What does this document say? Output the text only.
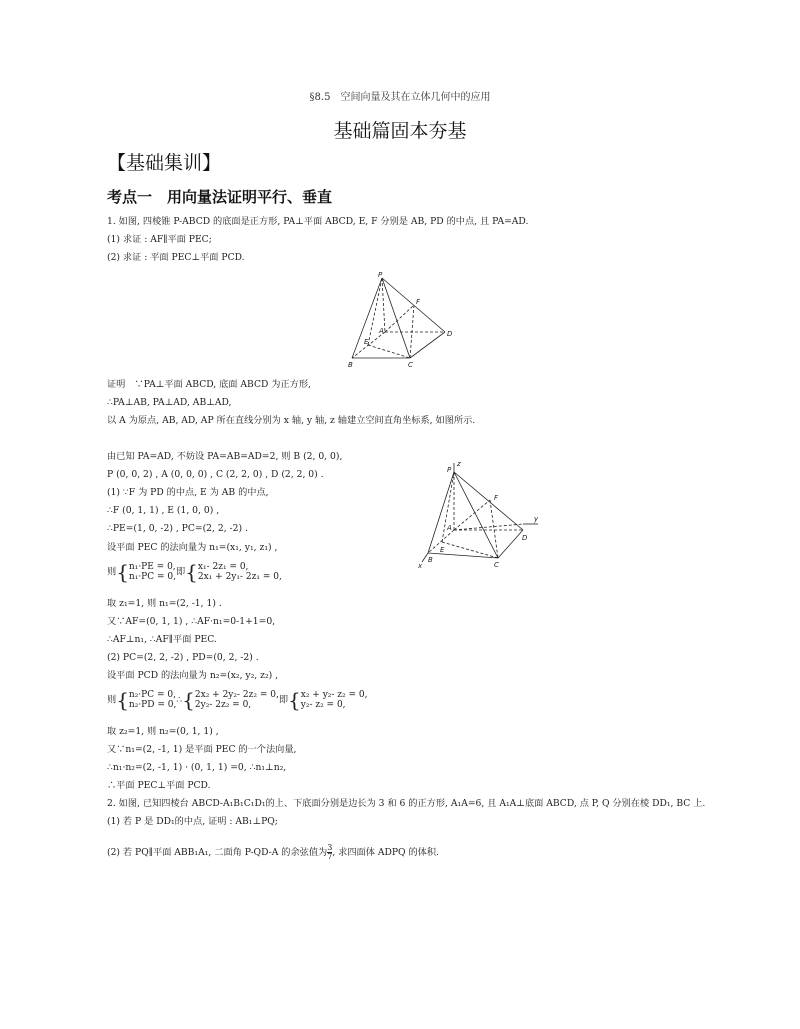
§8.5　空间向量及其在立体几何中的应用
基础篇固本夯基
【基础集训】
考点一　用向量法证明平行、垂直
1. 如图, 四棱锥 P-ABCD 的底面是正方形, PA⊥平面 ABCD, E, F 分别是 AB, PD 的中点, 且 PA=AD.
(1) 求证 : AF∥平面 PEC;
(2) 求证 : 平面 PEC⊥平面 PCD.
P
F
A	D
E
B	C
证明　∵PA⊥平面 ABCD, 底面 ABCD 为正方形,
∴PA⊥AB, PA⊥AD, AB⊥AD,
以 A 为原点, AB, AD, AP 所在直线分别为 x 轴, y 轴, z 轴建立空间直角坐标系, 如图所示.
由已知 PA=AD, 不妨设 PA=AB=AD=2, 则 B (2, 0, 0),
P (0, 0, 2) , A (0, 0, 0) , C (2, 2, 0) , D (2, 2, 0) .
(1) ∵F 为 PD 的中点, E 为 AB 的中点,
∴F (0, 1, 1) , E (1, 0, 0) ,
∴PE=(1, 0, -2) , PC=(2, 2, -2) .
设平面 PEC 的法向量为 n₁=(x₁, y₁, z₁) ,
则{n₁·PE = 0,
n₁·PC = 0,即{x₁- 2z₁ = 0,
2x₁ + 2y₁- 2z₁ = 0,
取 z₁=1, 则 n₁=(2, -1, 1) .
又∵AF=(0, 1, 1) , ∴AF·n₁=0-1+1=0,
∴AF⊥n₁, ∴AF∥平面 PEC.
(2) PC=(2, 2, -2) , PD=(0, 2, -2) .
设平面 PCD 的法向量为 n₂=(x₂, y₂, z₂) ,
则{n₂·PC = 0,
n₂·PD = 0,∴{2x₂ + 2y₂- 2z₂ = 0,
2y₂- 2z₂ = 0,	即{x₂ + y₂- z₂ = 0,
y₂- z₂ = 0,
取 z₂=1, 则 n₂=(0, 1, 1) ,
又∵n₁=(2, -1, 1) 是平面 PEC 的一个法向量,
∴n₁·n₂=(2, -1, 1) · (0, 1, 1) =0, ∴n₁⊥n₂,
∴平面 PEC⊥平面 PCD.
z
P
F
A
D
y
E
B
C
x
2. 如图, 已知四棱台 ABCD-A₁B₁C₁D₁的上、下底面分别是边长为 3 和 6 的正方形, A₁A=6, 且 A₁A⊥底面 ABCD, 点 P, Q 分别在棱 DD₁, BC 上.
(1) 若 P 是 DD₁的中点, 证明 : AB₁⊥PQ;
(2) 若 PQ∥平面 ABB₁A₁, 二面角 P-QD-A 的余弦值为 $\frac{3}{7}$ , 求四面体 ADPQ 的体积.
